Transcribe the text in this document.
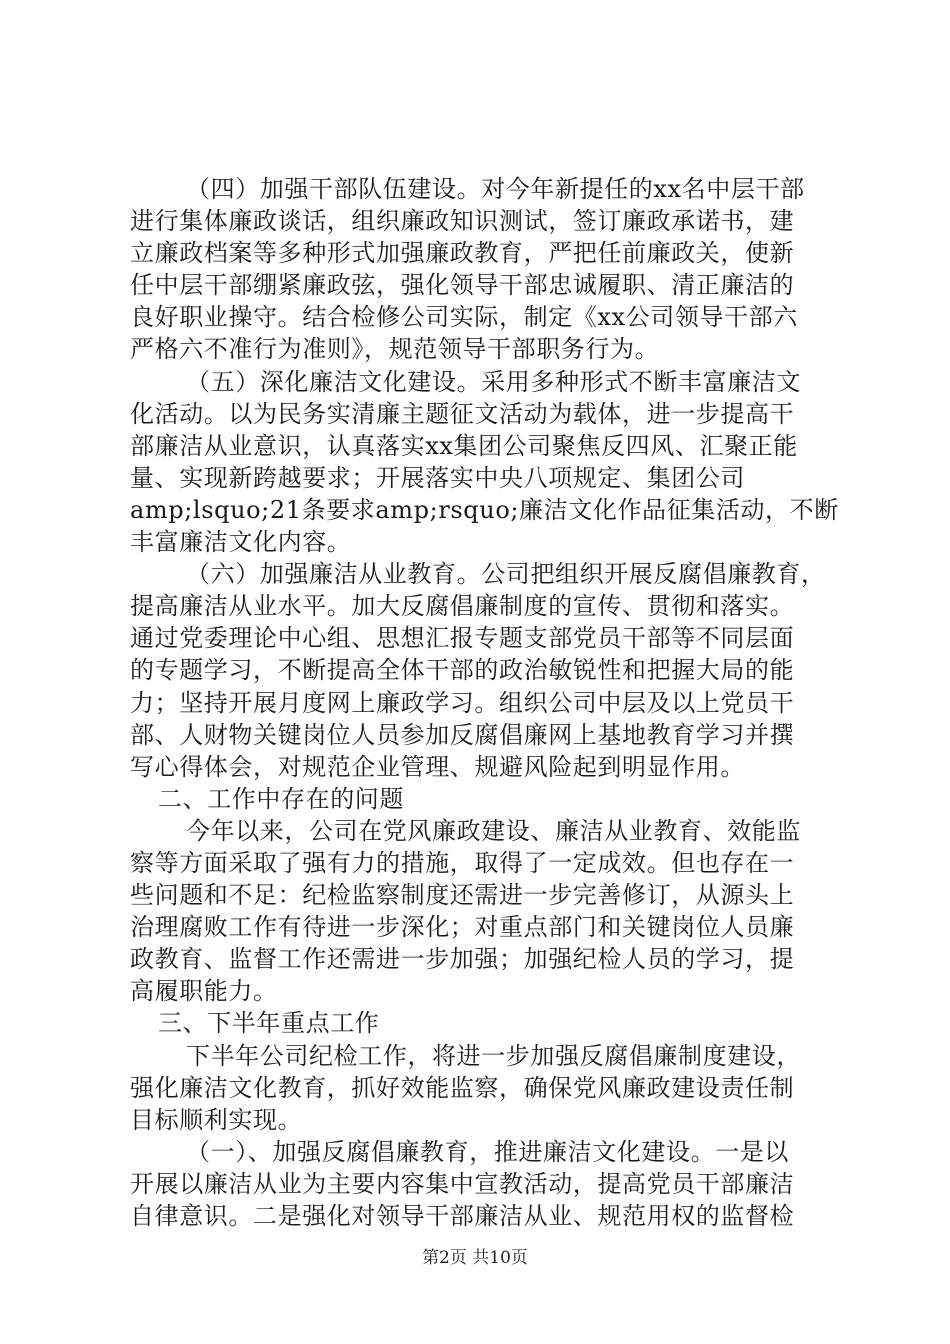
（四）加强干部队伍建设。对今年新提任的xx名中层干部
进行集体廉政谈话，组织廉政知识测试，签订廉政承诺书，建
立廉政档案等多种形式加强廉政教育，严把任前廉政关，使新
任中层干部绷紧廉政弦，强化领导干部忠诚履职、清正廉洁的
良好职业操守。结合检修公司实际，制定《xx公司领导干部六
严格六不准行为准则》，规范领导干部职务行为。
（五）深化廉洁文化建设。采用多种形式不断丰富廉洁文
化活动。以为民务实清廉主题征文活动为载体，进一步提高干
部廉洁从业意识，认真落实xx集团公司聚焦反四风、汇聚正能
量、实现新跨越要求；开展落实中央八项规定、集团公司
amp;lsquo;21条要求amp;rsquo;廉洁文化作品征集活动，不断
丰富廉洁文化内容。
（六）加强廉洁从业教育。公司把组织开展反腐倡廉教育，
提高廉洁从业水平。加大反腐倡廉制度的宣传、贯彻和落实。
通过党委理论中心组、思想汇报专题支部党员干部等不同层面
的专题学习，不断提高全体干部的政治敏锐性和把握大局的能
力；坚持开展月度网上廉政学习。组织公司中层及以上党员干
部、人财物关键岗位人员参加反腐倡廉网上基地教育学习并撰
写心得体会，对规范企业管理、规避风险起到明显作用。
二、工作中存在的问题
今年以来，公司在党风廉政建设、廉洁从业教育、效能监
察等方面采取了强有力的措施，取得了一定成效。但也存在一
些问题和不足：纪检监察制度还需进一步完善修订，从源头上
治理腐败工作有待进一步深化；对重点部门和关键岗位人员廉
政教育、监督工作还需进一步加强；加强纪检人员的学习，提
高履职能力。
三、下半年重点工作
下半年公司纪检工作，将进一步加强反腐倡廉制度建设，
强化廉洁文化教育，抓好效能监察，确保党风廉政建设责任制
目标顺利实现。
（一）、加强反腐倡廉教育，推进廉洁文化建设。一是以
开展以廉洁从业为主要内容集中宣教活动，提高党员干部廉洁
自律意识。二是强化对领导干部廉洁从业、规范用权的监督检
第2页 共10页
